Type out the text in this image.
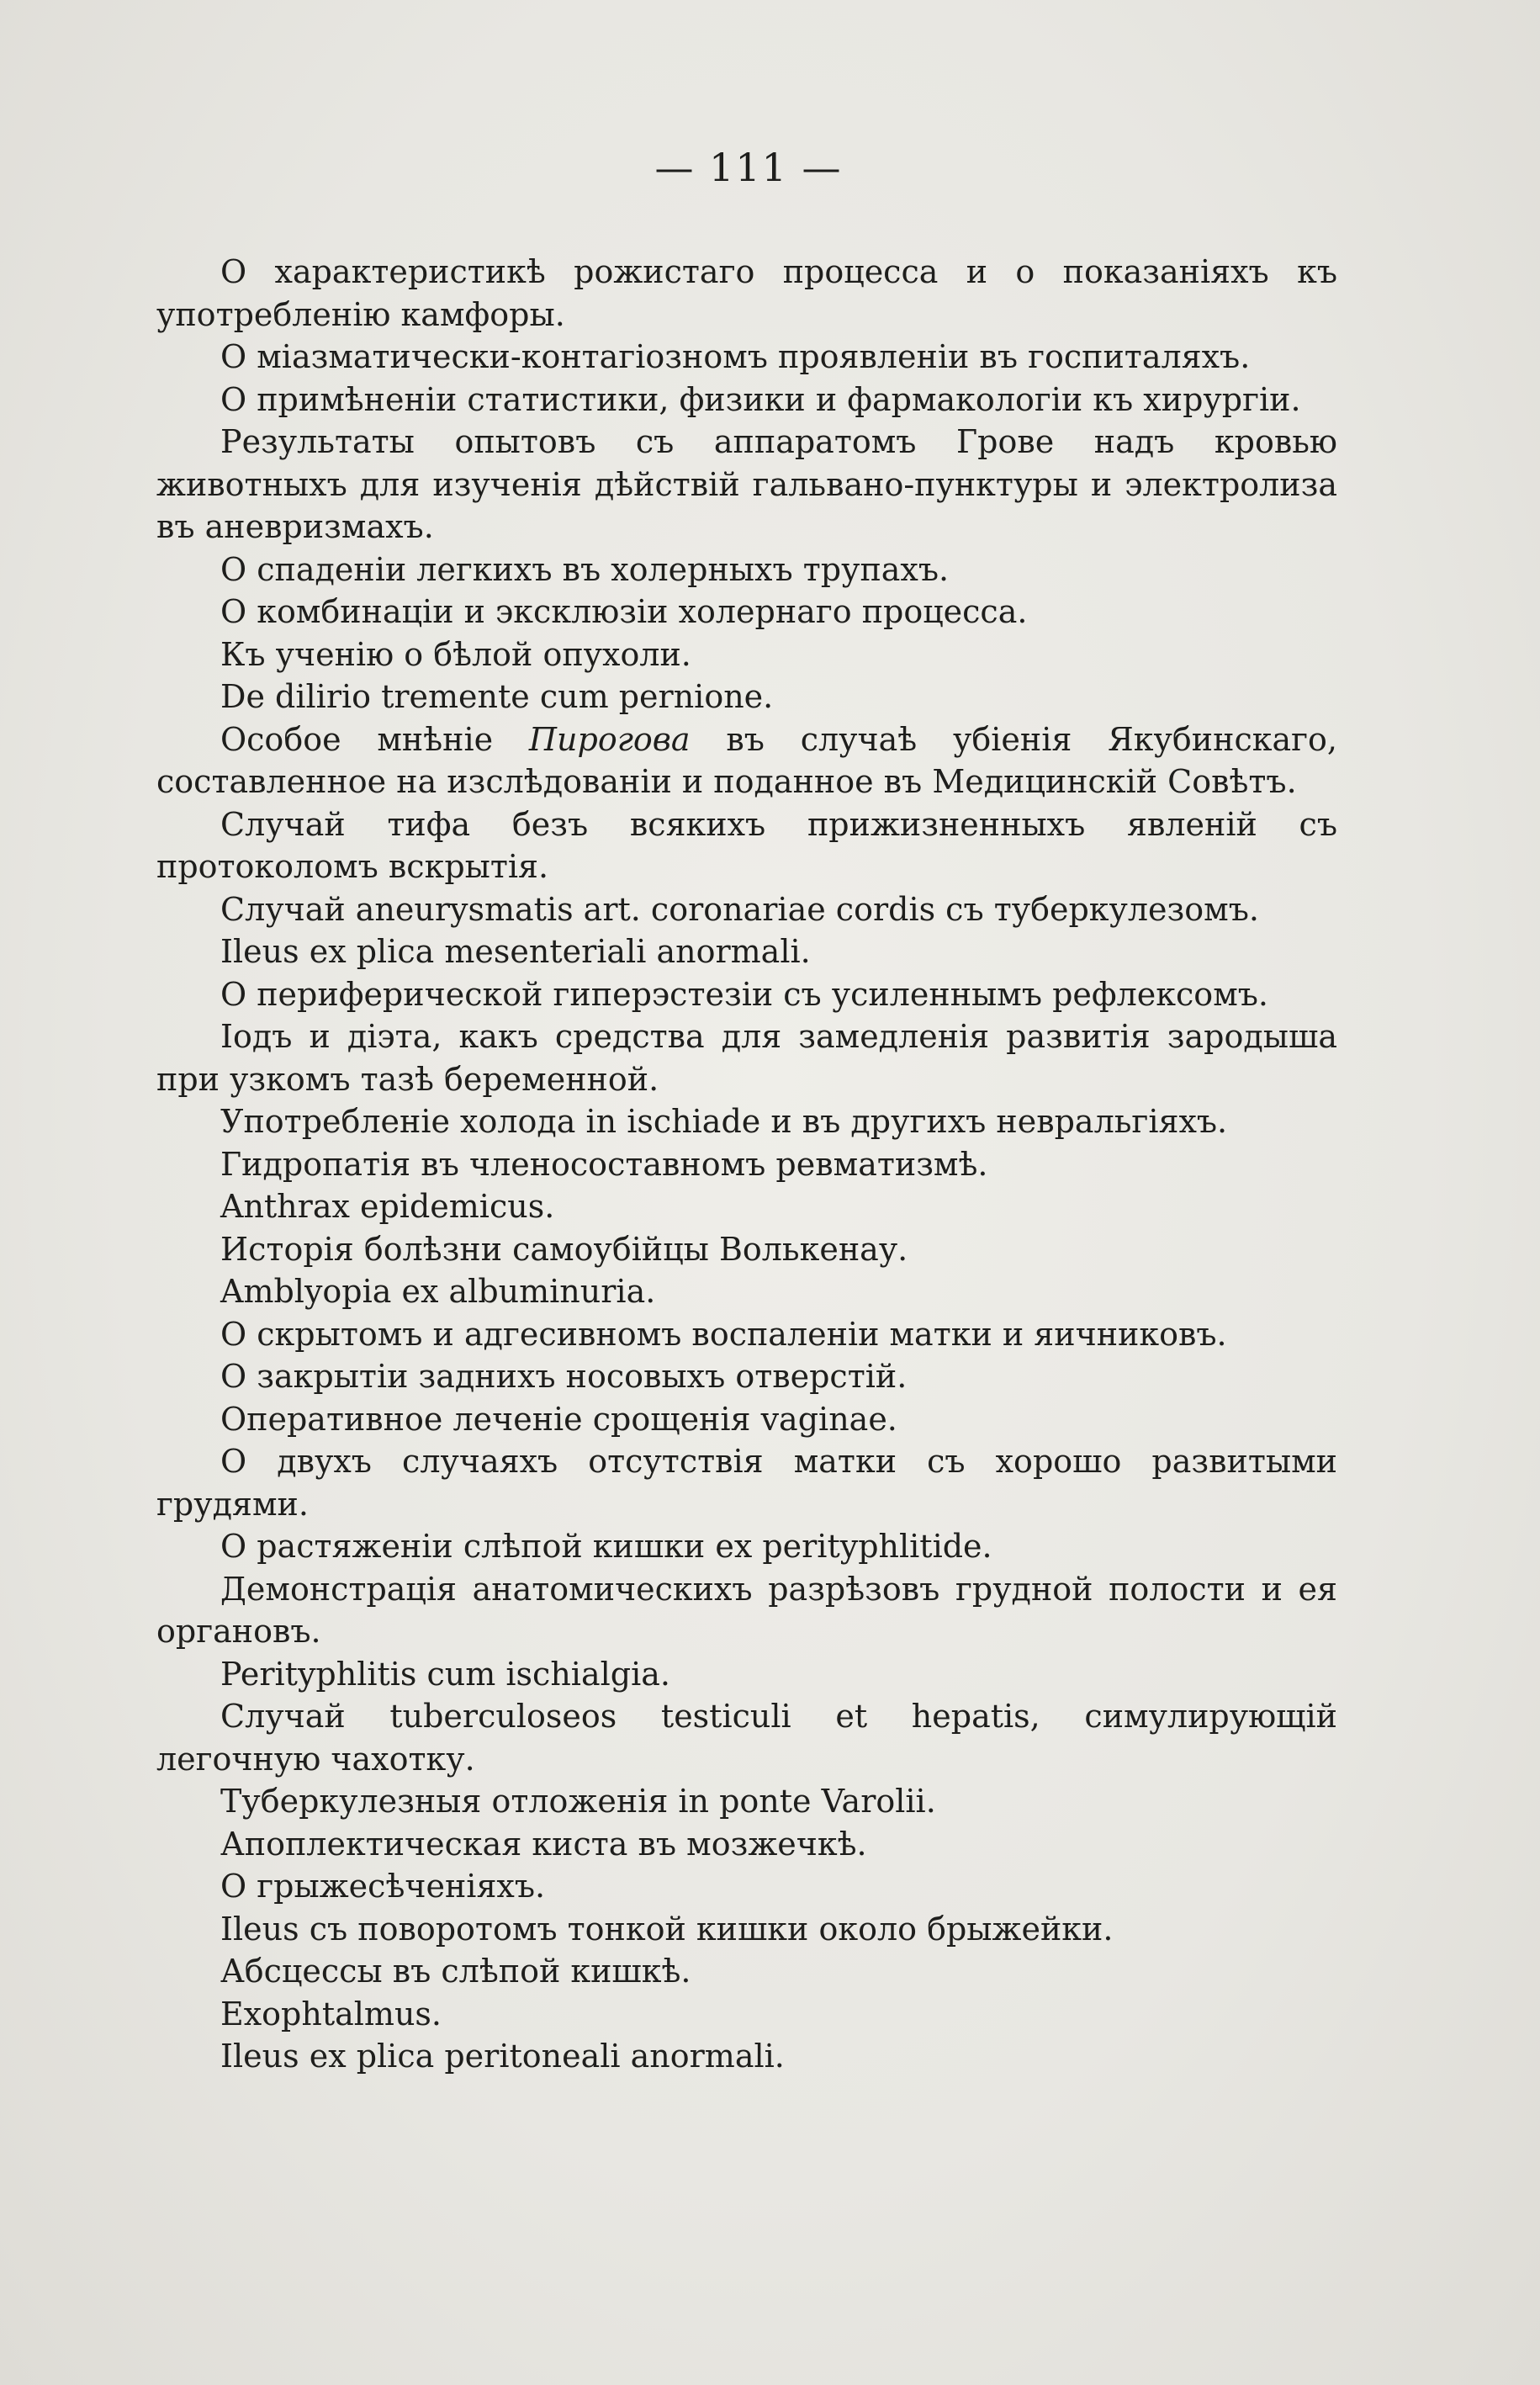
— 111 —

О характеристикѣ рожистаго процесса и о показаніяхъ къ употребленію камфоры.

О міазматически-контагіозномъ проявленіи въ госпиталяхъ.

О примѣненіи статистики, физики и фармакологіи къ хирургіи.

Результаты опытовъ съ аппаратомъ Грове надъ кровью животныхъ для изученія дѣйствій гальвано-пунктуры и электролиза въ аневризмахъ.

О спаденіи легкихъ въ холерныхъ трупахъ.

О комбинаціи и эксклюзіи холернаго процесса.

Къ ученію о бѣлой опухоли.

De dilirio tremente cum pernione.

Особое мнѣніе Пирогова въ случаѣ убіенія Якубинскаго, составленное на изслѣдованіи и поданное въ Медицинскій Совѣтъ.

Случай тифа безъ всякихъ прижизненныхъ явленій съ протоколомъ вскрытія.

Случай aneurysmatis art. coronariae cordis съ туберкулезомъ.

Ileus ex plica mesenteriali anormali.

О периферической гиперэстезіи съ усиленнымъ рефлексомъ.

Іодъ и діэта, какъ средства для замедленія развитія зародыша при узкомъ тазѣ беременной.

Употребленіе холода in ischiade и въ другихъ невральгіяхъ.

Гидропатія въ членосоставномъ ревматизмѣ.

Anthrax epidemicus.

Исторія болѣзни самоубійцы Волькенау.

Amblyopia ex albuminuria.

О скрытомъ и адгесивномъ воспаленіи матки и яичниковъ.

О закрытіи заднихъ носовыхъ отверстій.

Оперативное леченіе срощенія vaginae.

О двухъ случаяхъ отсутствія матки съ хорошо развитыми грудями.

О растяженіи слѣпой кишки ex perityphlitide.

Демонстрація анатомическихъ разрѣзовъ грудной полости и ея органовъ.

Perityphlitis cum ischialgia.

Случай tuberculoseos testiculi et hepatis, симулирующій легочную чахотку.

Туберкулезныя отложенія in ponte Varolii.

Апоплектическая киста въ мозжечкѣ.

О грыжесѣченіяхъ.

Ileus съ поворотомъ тонкой кишки около брыжейки.

Абсцессы въ слѣпой кишкѣ.

Exophtalmus.

Ileus ex plica peritoneali anormali.
